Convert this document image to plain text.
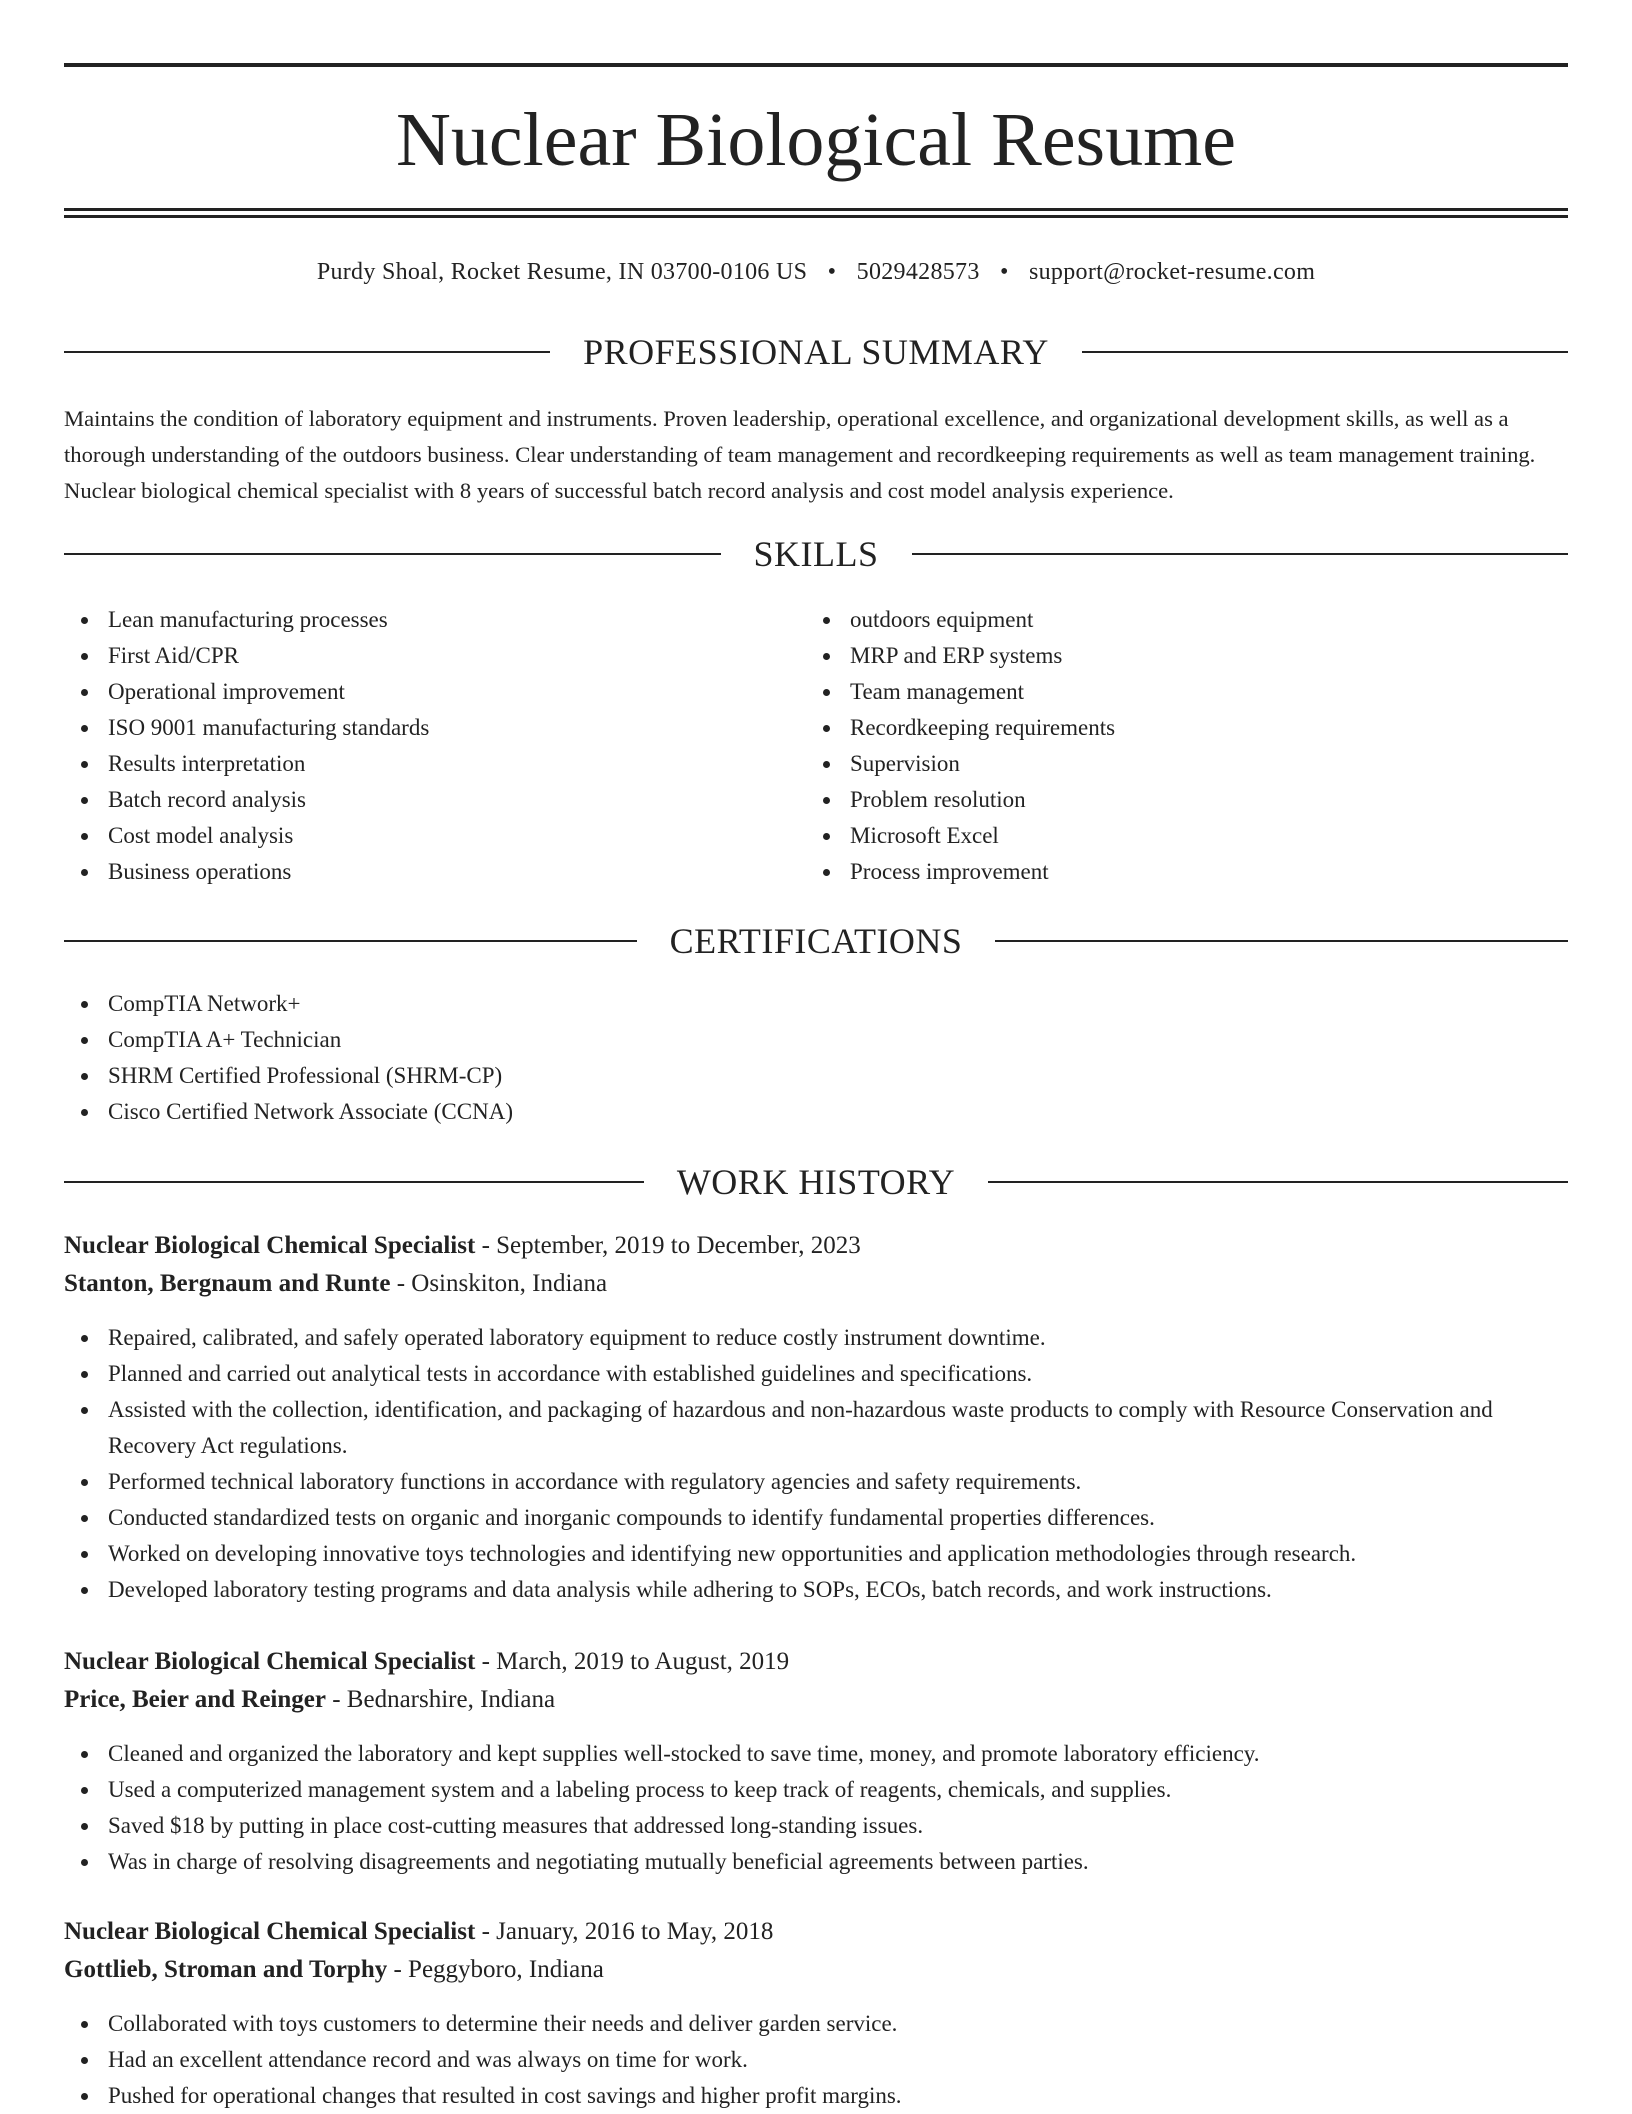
Nuclear Biological Resume
Purdy Shoal, Rocket Resume, IN 03700-0106 US • 5029428573 • support@rocket-resume.com
PROFESSIONAL SUMMARY

Maintains the condition of laboratory equipment and instruments. Proven leadership, operational excellence, and organizational development skills, as well as a thorough understanding of the outdoors business. Clear understanding of team management and recordkeeping requirements as well as team management training. Nuclear biological chemical specialist with 8 years of successful batch record analysis and cost model analysis experience.

SKILLS
Lean manufacturing processes
First Aid/CPR
Operational improvement
ISO 9001 manufacturing standards
Results interpretation
Batch record analysis
Cost model analysis
Business operations
outdoors equipment
MRP and ERP systems
Team management
Recordkeeping requirements
Supervision
Problem resolution
Microsoft Excel
Process improvement
CERTIFICATIONS
CompTIA Network+
CompTIA A+ Technician
SHRM Certified Professional (SHRM-CP)
Cisco Certified Network Associate (CCNA)
WORK HISTORY
Nuclear Biological Chemical Specialist - September, 2019 to December, 2023
Stanton, Bergnaum and Runte - Osinskiton, Indiana
Repaired, calibrated, and safely operated laboratory equipment to reduce costly instrument downtime.
Planned and carried out analytical tests in accordance with established guidelines and specifications.
Assisted with the collection, identification, and packaging of hazardous and non-hazardous waste products to comply with Resource Conservation and Recovery Act regulations.
Performed technical laboratory functions in accordance with regulatory agencies and safety requirements.
Conducted standardized tests on organic and inorganic compounds to identify fundamental properties differences.
Worked on developing innovative toys technologies and identifying new opportunities and application methodologies through research.
Developed laboratory testing programs and data analysis while adhering to SOPs, ECOs, batch records, and work instructions.
Nuclear Biological Chemical Specialist - March, 2019 to August, 2019
Price, Beier and Reinger - Bednarshire, Indiana
Cleaned and organized the laboratory and kept supplies well-stocked to save time, money, and promote laboratory efficiency.
Used a computerized management system and a labeling process to keep track of reagents, chemicals, and supplies.
Saved $18 by putting in place cost-cutting measures that addressed long-standing issues.
Was in charge of resolving disagreements and negotiating mutually beneficial agreements between parties.
Nuclear Biological Chemical Specialist - January, 2016 to May, 2018
Gottlieb, Stroman and Torphy - Peggyboro, Indiana
Collaborated with toys customers to determine their needs and deliver garden service.
Had an excellent attendance record and was always on time for work.
Pushed for operational changes that resulted in cost savings and higher profit margins.
